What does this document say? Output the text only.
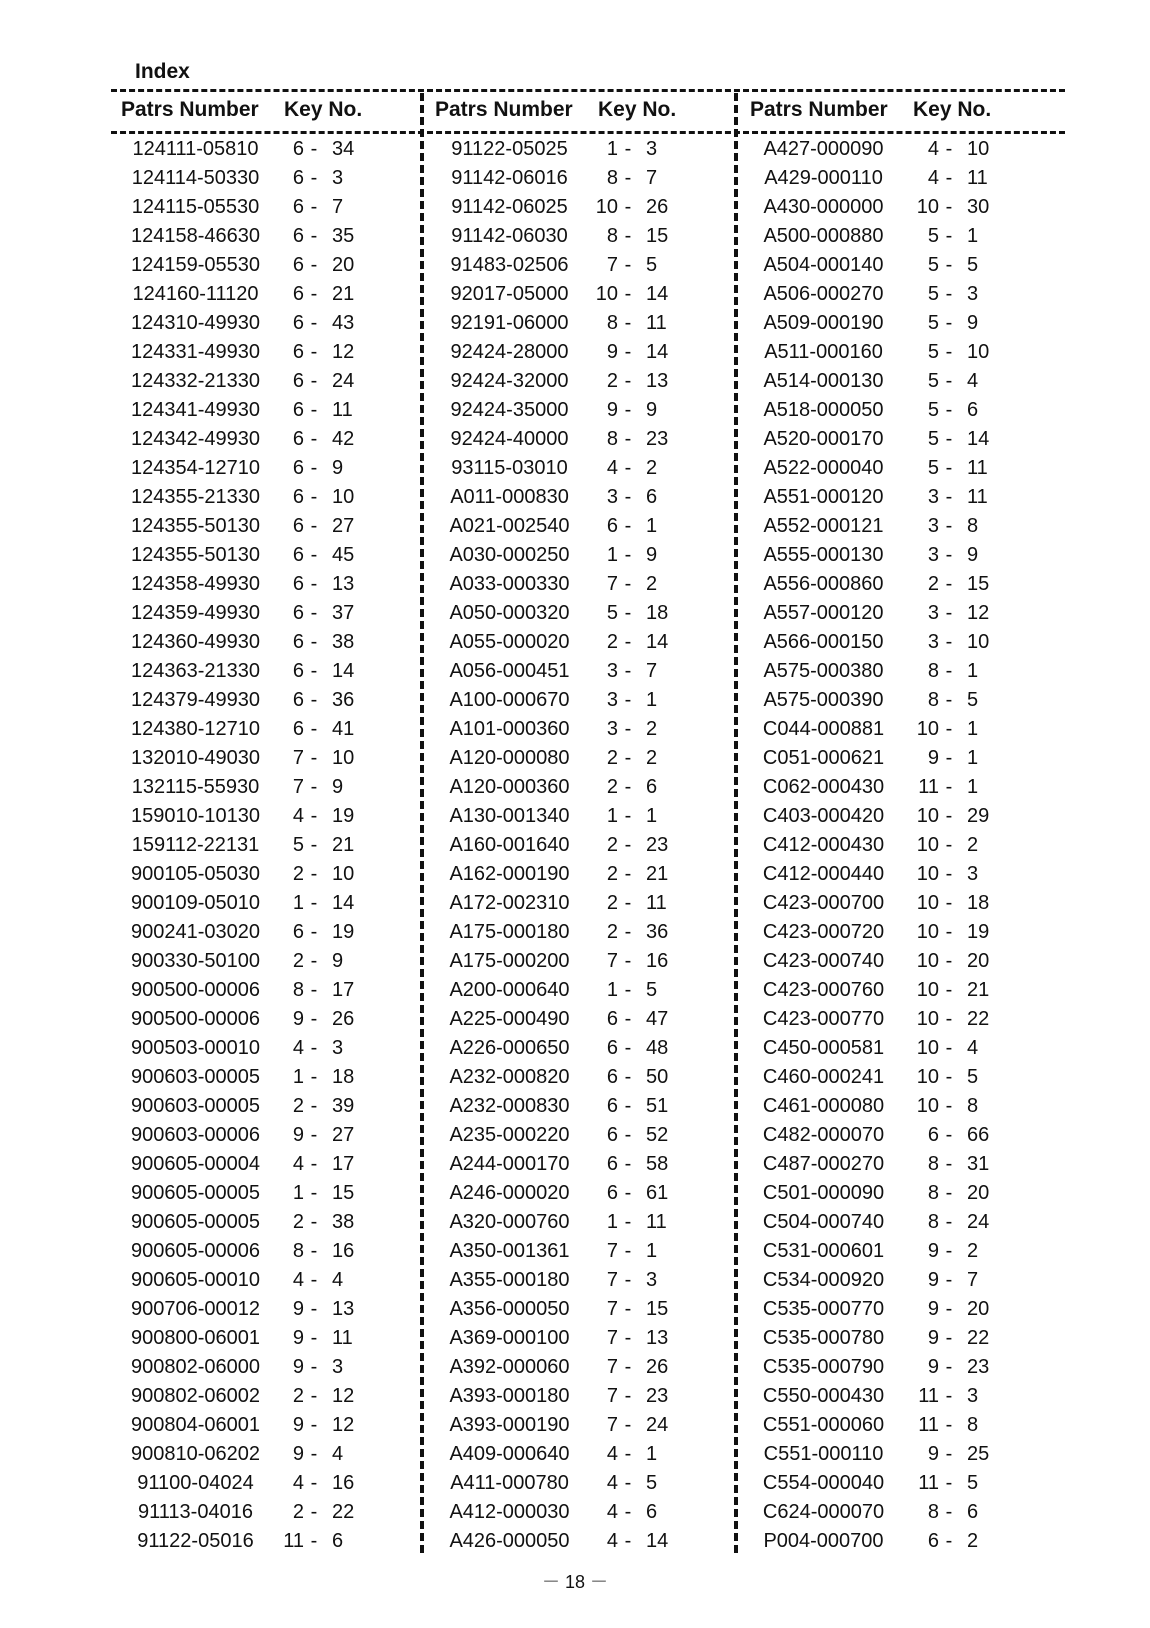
Index
Patrs Number Key No.	Patrs Number Key No.	Patrs Number Key No.
124111-05810	6 - 34
124114-50330	6 - 3
124115-05530	6 - 7
124158-46630	6 - 35
124159-05530	6 - 20
124160-11120	6 - 21
124310-49930	6 - 43
124331-49930	6 - 12
124332-21330	6 - 24
124341-49930	6 - 11
124342-49930	6 - 42
124354-12710	6 - 9
124355-21330	6 - 10
124355-50130	6 - 27
124355-50130	6 - 45
124358-49930	6 - 13
124359-49930	6 - 37
124360-49930	6 - 38
124363-21330	6 - 14
124379-49930	6 - 36
124380-12710	6 - 41
132010-49030	7 - 10
132115-55930	7 - 9
159010-10130	4 - 19
159112-22131	5 - 21
900105-05030	2 - 10
900109-05010	1 - 14
900241-03020	6 - 19
900330-50100	2 - 9
900500-00006	8 - 17
900500-00006	9 - 26
900503-00010	4 - 3
900603-00005	1 - 18
900603-00005	2 - 39
900603-00006	9 - 27
900605-00004	4 - 17
900605-00005	1 - 15
900605-00005	2 - 38
900605-00006	8 - 16
900605-00010	4 - 4
900706-00012	9 - 13
900800-06001	9 - 11
900802-06000	9 - 3
900802-06002	2 - 12
900804-06001	9 - 12
900810-06202	9 - 4
91100-04024	4 - 16
91113-04016	2 - 22
91122-05016	11 - 6
91122-05025	1 - 3
91142-06016	8 - 7
91142-06025	10 - 26
91142-06030	8 - 15
91483-02506	7 - 5
92017-05000	10 - 14
92191-06000	8 - 11
92424-28000	9 - 14
92424-32000	2 - 13
92424-35000	9 - 9
92424-40000	8 - 23
93115-03010	4 - 2
A011-000830	3 - 6
A021-002540	6 - 1
A030-000250	1 - 9
A033-000330	7 - 2
A050-000320	5 - 18
A055-000020	2 - 14
A056-000451	3 - 7
A100-000670	3 - 1
A101-000360	3 - 2
A120-000080	2 - 2
A120-000360	2 - 6
A130-001340	1 - 1
A160-001640	2 - 23
A162-000190	2 - 21
A172-002310	2 - 11
A175-000180	2 - 36
A175-000200	7 - 16
A200-000640	1 - 5
A225-000490	6 - 47
A226-000650	6 - 48
A232-000820	6 - 50
A232-000830	6 - 51
A235-000220	6 - 52
A244-000170	6 - 58
A246-000020	6 - 61
A320-000760	1 - 11
A350-001361	7 - 1
A355-000180	7 - 3
A356-000050	7 - 15
A369-000100	7 - 13
A392-000060	7 - 26
A393-000180	7 - 23
A393-000190	7 - 24
A409-000640	4 - 1
A411-000780	4 - 5
A412-000030	4 - 6
A426-000050	4 - 14
A427-000090	4 - 10
A429-000110	4 - 11
A430-000000	10 - 30
A500-000880	5 - 1
A504-000140	5 - 5
A506-000270	5 - 3
A509-000190	5 - 9
A511-000160	5 - 10
A514-000130	5 - 4
A518-000050	5 - 6
A520-000170	5 - 14
A522-000040	5 - 11
A551-000120	3 - 11
A552-000121	3 - 8
A555-000130	3 - 9
A556-000860	2 - 15
A557-000120	3 - 12
A566-000150	3 - 10
A575-000380	8 - 1
A575-000390	8 - 5
C044-000881	10 - 1
C051-000621	9 - 1
C062-000430	11 - 1
C403-000420	10 - 29
C412-000430	10 - 2
C412-000440	10 - 3
C423-000700	10 - 18
C423-000720	10 - 19
C423-000740	10 - 20
C423-000760	10 - 21
C423-000770	10 - 22
C450-000581	10 - 4
C460-000241	10 - 5
C461-000080	10 - 8
C482-000070	6 - 66
C487-000270	8 - 31
C501-000090	8 - 20
C504-000740	8 - 24
C531-000601	9 - 2
C534-000920	9 - 7
C535-000770	9 - 20
C535-000780	9 - 22
C535-000790	9 - 23
C550-000430	11 - 3
C551-000060	11 - 8
C551-000110	9 - 25
C554-000040	11 - 5
C624-000070	8 - 6
P004-000700	6 - 2
－ 18 －
